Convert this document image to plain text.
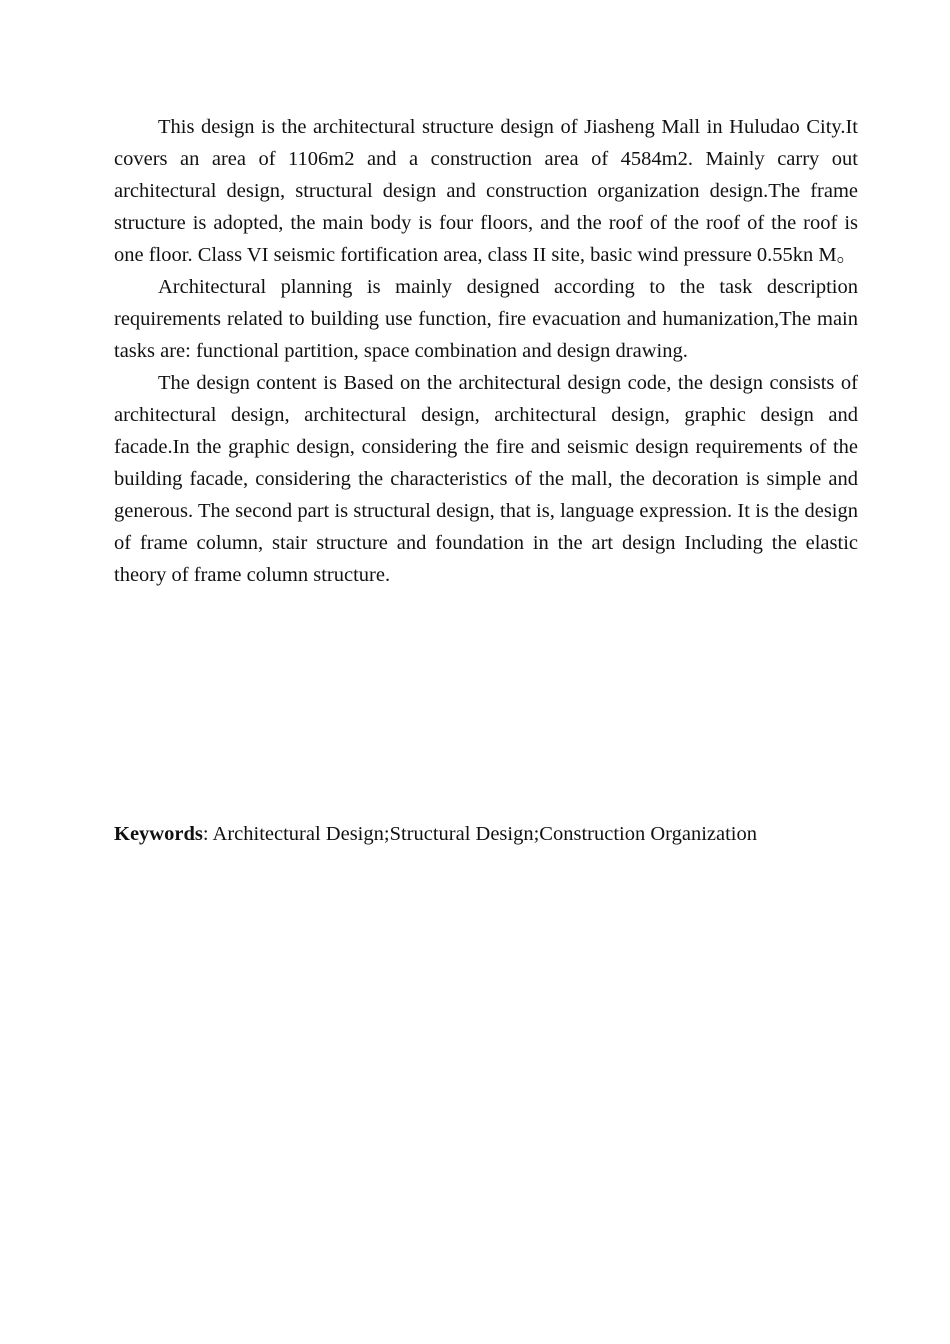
This design is the architectural structure design of Jiasheng Mall in Huludao City.It covers an area of 1106m2 and a construction area of 4584m2. Mainly carry out architectural design, structural design and construction organization design.The frame structure is adopted, the main body is four floors, and the roof of the roof of the roof is one floor. Class VI seismic fortification area, class II site, basic wind pressure 0.55kn M。

Architectural planning is mainly designed according to the task description requirements related to building use function, fire evacuation and humanization,The main tasks are: functional partition, space combination and design drawing.

The design content is Based on the architectural design code, the design consists of architectural design, architectural design, architectural design, graphic design and facade.In the graphic design, considering the fire and seismic design requirements of the building facade, considering the characteristics of the mall, the decoration is simple and generous. The second part is structural design, that is, language expression. It is the design of frame column, stair structure and foundation in the art design Including the elastic theory of frame column structure.

Keywords: Architectural Design;Structural Design;Construction Organization
